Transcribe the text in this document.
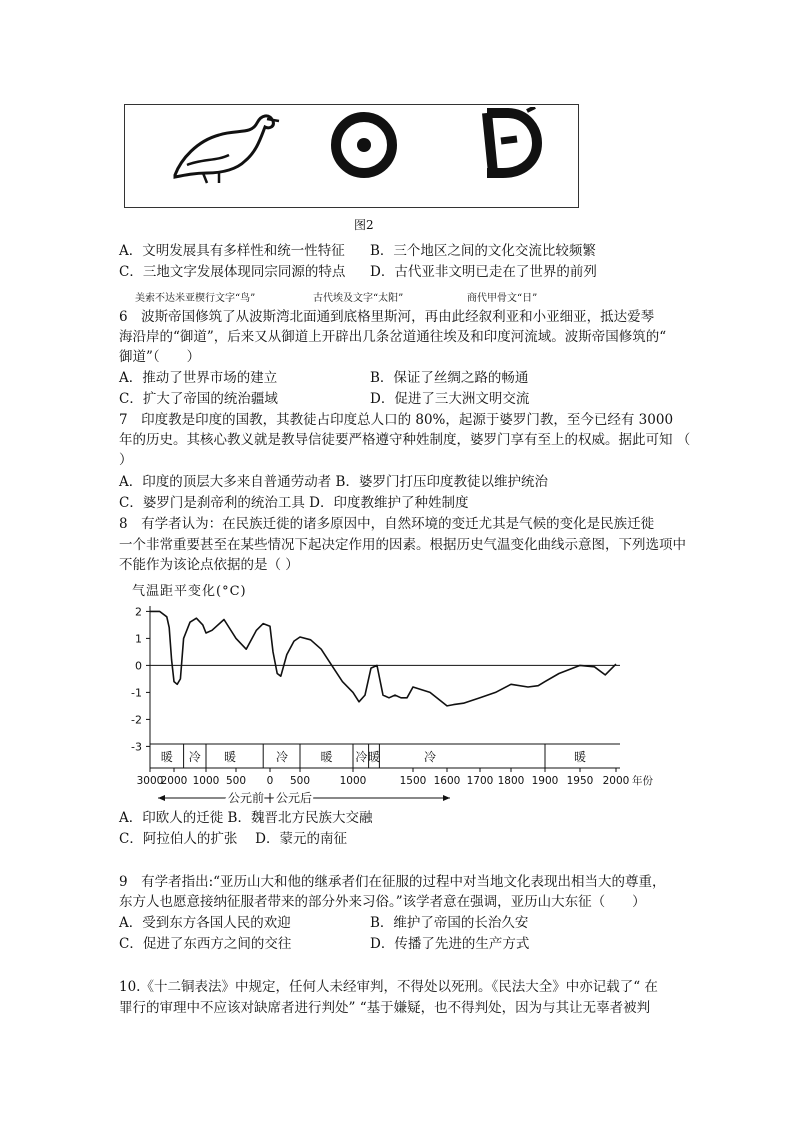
美索不达米亚楔行文字“鸟”	古代埃及文字“太阳”	商代甲骨文“日”
图2
A．文明发展具有多样性和统一性特征 B．三个地区之间的文化交流比较频繁
C．三地文字发展体现同宗同源的特点 D．古代亚非文明已走在了世界的前列
6　波斯帝国修筑了从波斯湾北面通到底格里斯河，再由此经叙利亚和小亚细亚，抵达爱琴
海沿岸的“御道”，后来又从御道上开辟出几条岔道通往埃及和印度河流域。波斯帝国修筑的“
御道”（　　）
A．推动了世界市场的建立	B．保证了丝绸之路的畅通
C．扩大了帝国的统治疆域	D．促进了三大洲文明交流
7　印度教是印度的国教，其教徒占印度总人口的 80%，起源于婆罗门教，至今已经有 3000
年的历史。其核心教义就是教导信徒要严格遵守种姓制度，婆罗门享有至上的权威。据此可知 （
）
A．印度的顶层大多来自普通劳动者 B．婆罗门打压印度教徒以维护统治
C．婆罗门是刹帝利的统治工具 D．印度教维护了种姓制度
8　有学者认为：在民族迁徙的诸多原因中，自然环境的变迁尤其是气候的变化是民族迁徙
一个非常重要甚至在某些情况下起决定作用的因素。根据历史气温变化曲线示意图，下列选项中
不能作为该论点依据的是（ ）
气温距平变化(°C)
2
1
0
-1
-2
-3
3000
2000 1000 500 0 500	1000	1500 1600 1700 1800 1900 1950 2000 年份
暖 冷 暖	冷	暖 冷 暖	冷	暖
公元前 公元后
A．印欧人的迁徙 B．魏晋北方民族大交融
C．阿拉伯人的扩张　 D．蒙元的南征
9　有学者指出:“亚历山大和他的继承者们在征服的过程中对当地文化表现出相当大的尊重，
东方人也愿意接纳征服者带来的部分外来习俗。”该学者意在强调，亚历山大东征（　　）
A．受到东方各国人民的欢迎	B．维护了帝国的长治久安
C．促进了东西方之间的交往	D．传播了先进的生产方式
10.《十二铜表法》中规定，任何人未经审判，不得处以死刑。《民法大全》中亦记载了“ 在
罪行的审理中不应该对缺席者进行判处” “基于嫌疑，也不得判处，因为与其让无辜者被判
